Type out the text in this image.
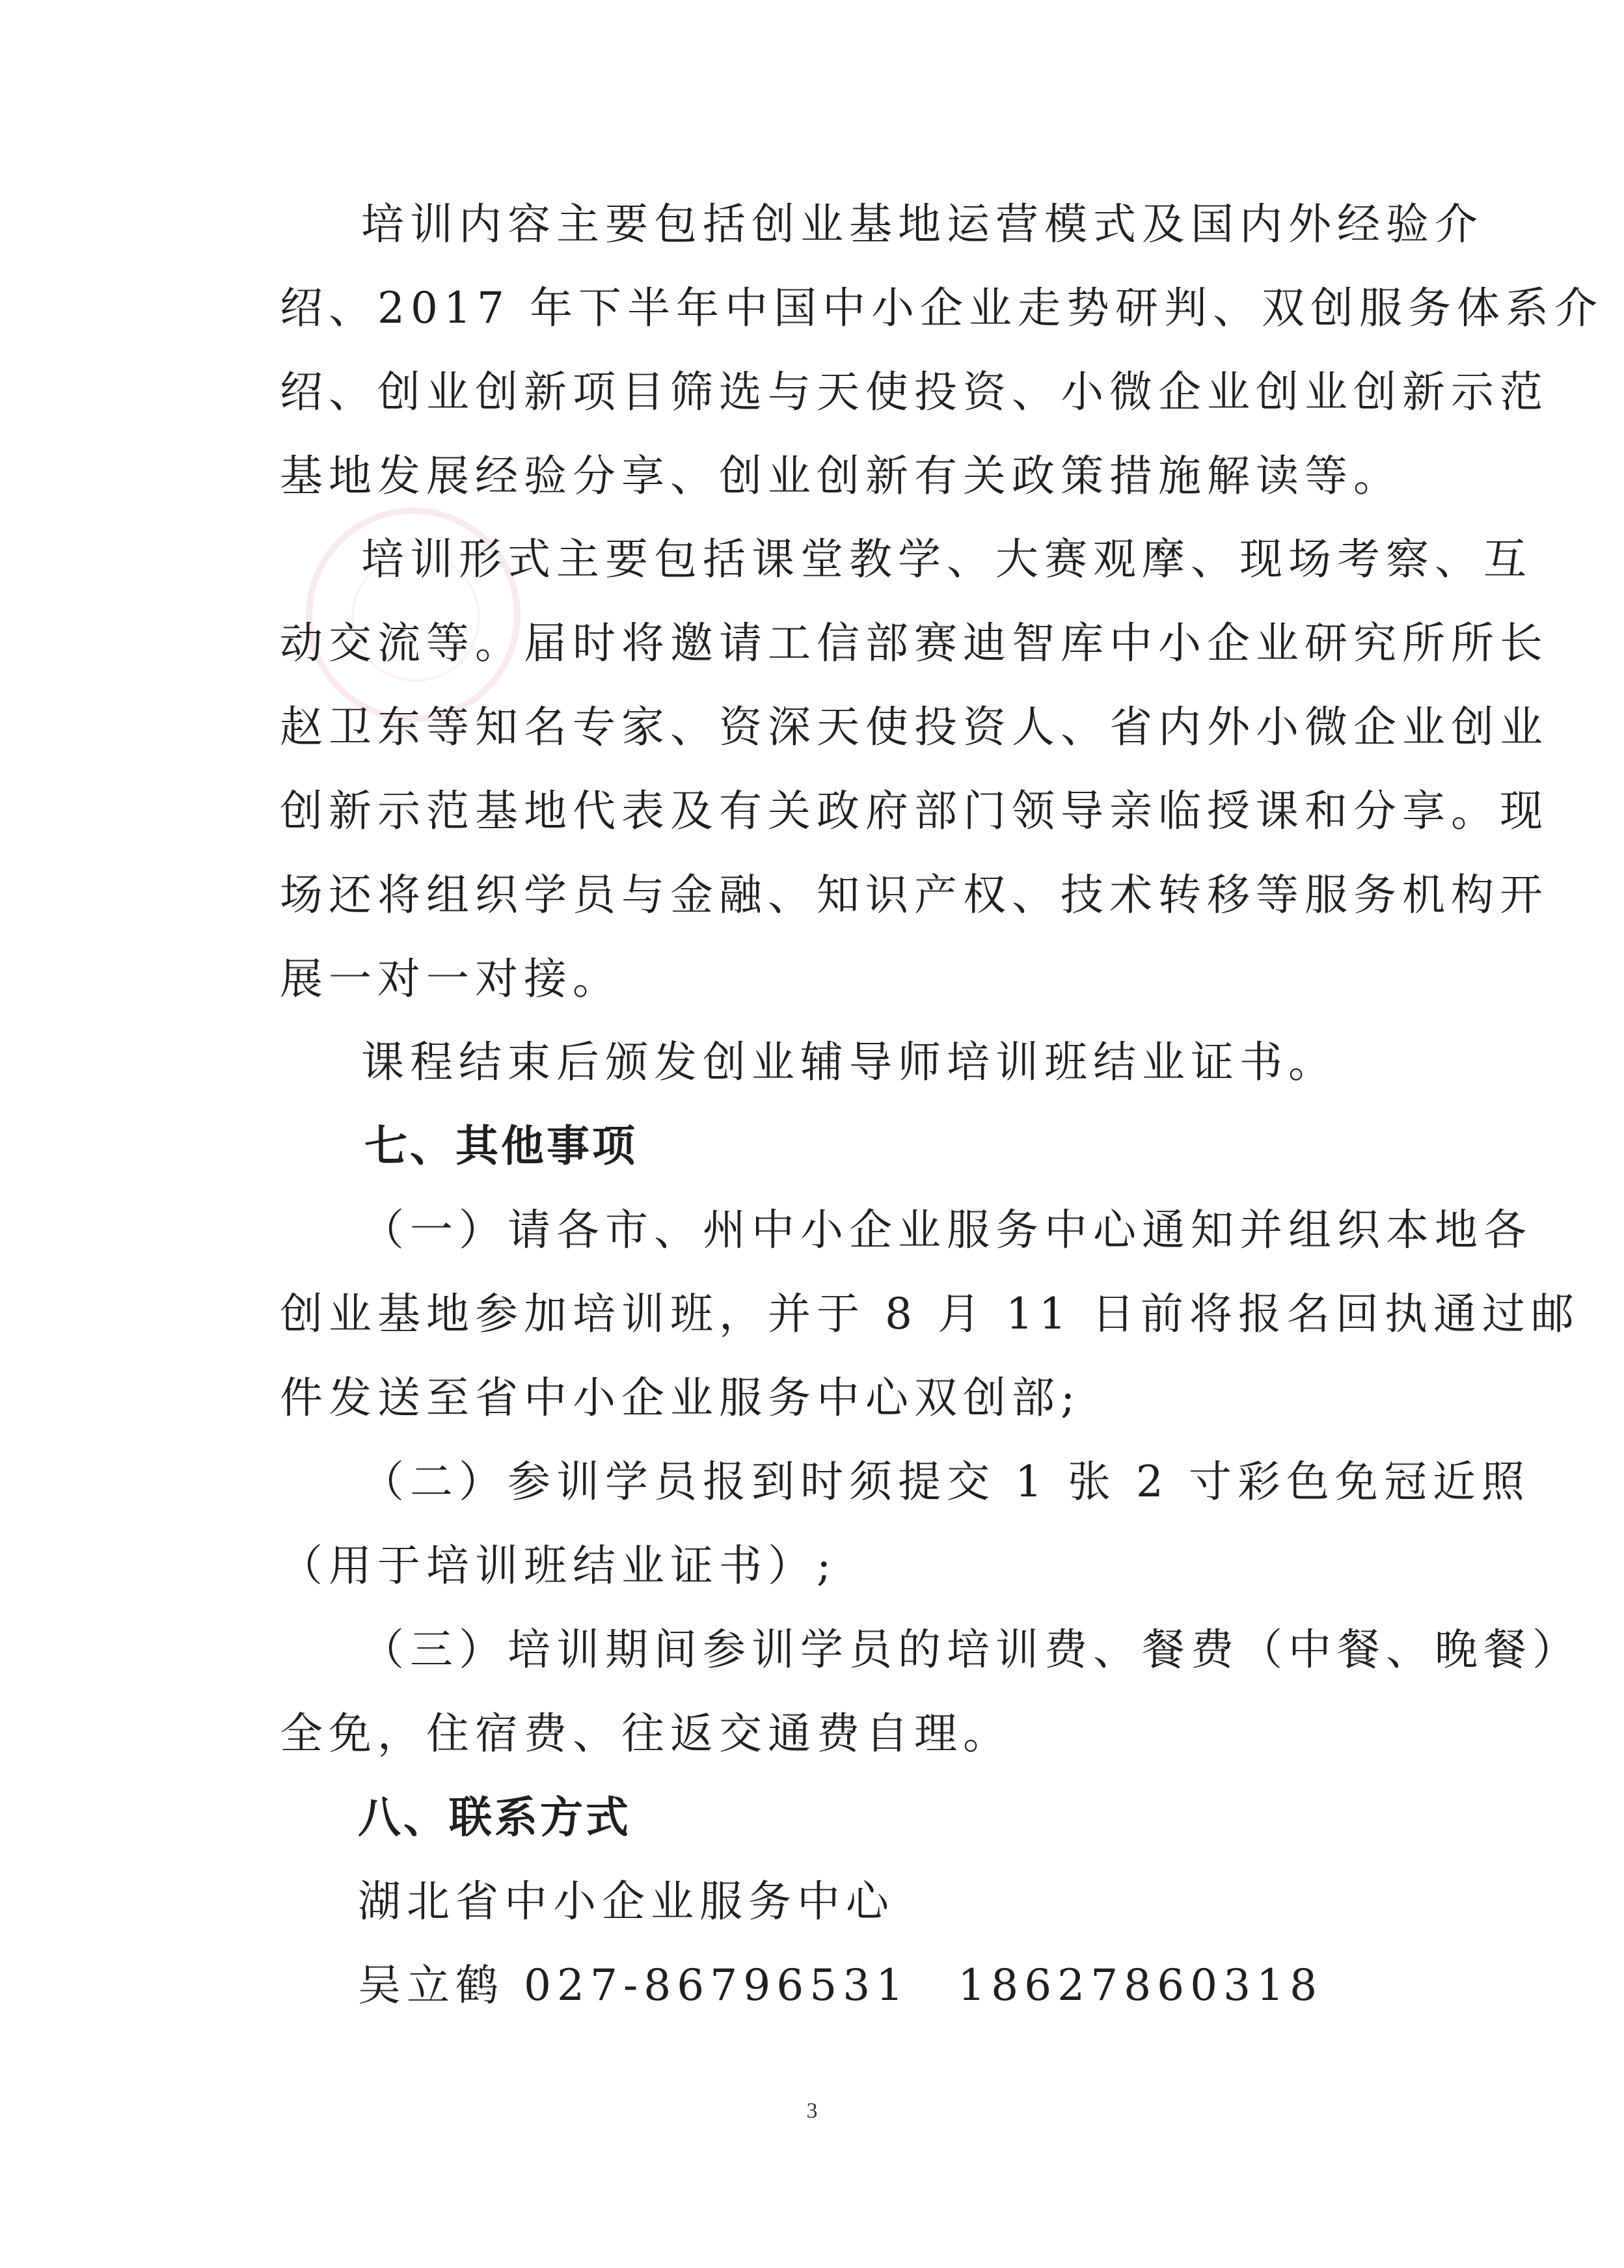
培训内容主要包括创业基地运营模式及国内外经验介
绍、2017 年下半年中国中小企业走势研判、双创服务体系介
绍、创业创新项目筛选与天使投资、小微企业创业创新示范
基地发展经验分享、创业创新有关政策措施解读等。
培训形式主要包括课堂教学、大赛观摩、现场考察、互
动交流等。届时将邀请工信部赛迪智库中小企业研究所所长
赵卫东等知名专家、资深天使投资人、省内外小微企业创业
创新示范基地代表及有关政府部门领导亲临授课和分享。现
场还将组织学员与金融、知识产权、技术转移等服务机构开
展一对一对接。
课程结束后颁发创业辅导师培训班结业证书。
七、其他事项
（一）请各市、州中小企业服务中心通知并组织本地各
创业基地参加培训班，并于 8 月 11 日前将报名回执通过邮
件发送至省中小企业服务中心双创部;
（二）参训学员报到时须提交 1 张 2 寸彩色免冠近照
（用于培训班结业证书）;
（三）培训期间参训学员的培训费、餐费（中餐、晚餐）
全免，住宿费、往返交通费自理。
八、联系方式
湖北省中小企业服务中心
吴立鹤 027-86796531　18627860318
3
